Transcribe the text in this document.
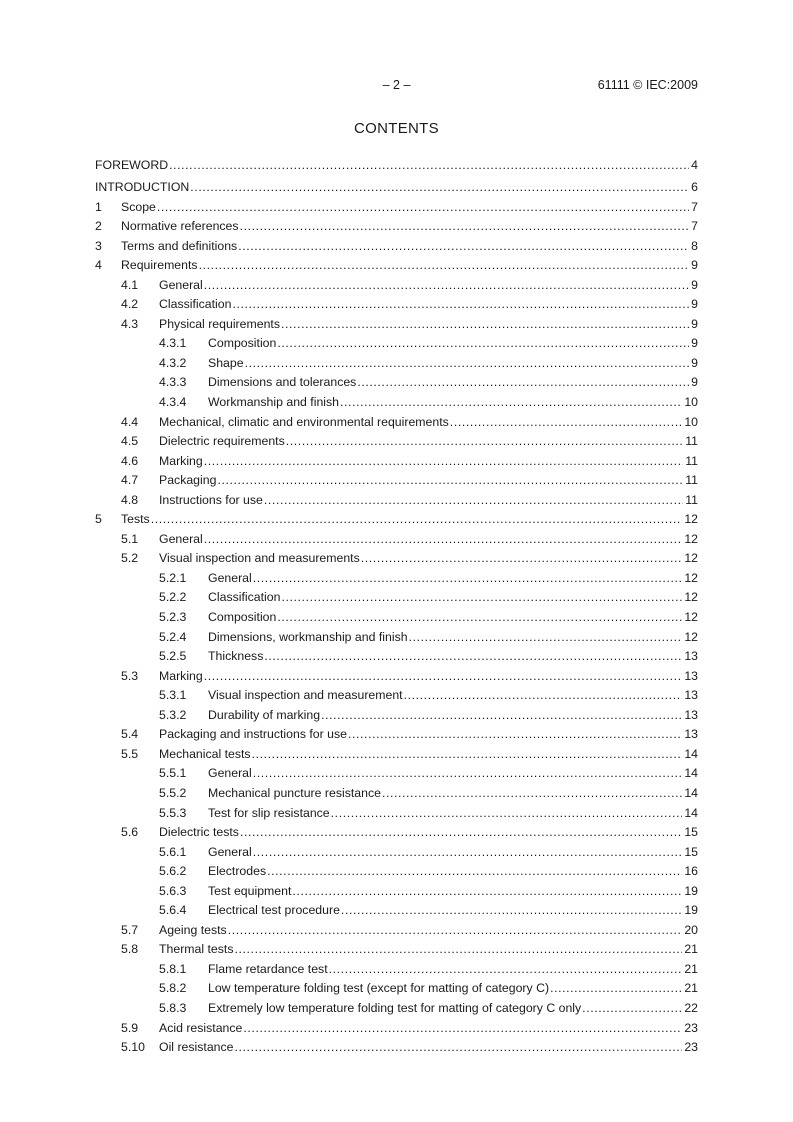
– 2 –	61111 © IEC:2009
CONTENTS
FOREWORD .....	4
INTRODUCTION .....	6
1	Scope .....	7
2	Normative references .....	7
3	Terms and definitions .....	8
4	Requirements .....	9
4.1	General .....	9
4.2	Classification .....	9
4.3	Physical requirements .....	9
4.3.1	Composition .....	9
4.3.2	Shape .....	9
4.3.3	Dimensions and tolerances .....	9
4.3.4	Workmanship and finish .....	10
4.4	Mechanical, climatic and environmental requirements .....	10
4.5	Dielectric requirements .....	11
4.6	Marking .....	11
4.7	Packaging .....	11
4.8	Instructions for use .....	11
5	Tests .....	12
5.1	General .....	12
5.2	Visual inspection and measurements .....	12
5.2.1	General .....	12
5.2.2	Classification .....	12
5.2.3	Composition .....	12
5.2.4	Dimensions, workmanship and finish .....	12
5.2.5	Thickness .....	13
5.3	Marking .....	13
5.3.1	Visual inspection and measurement .....	13
5.3.2	Durability of marking .....	13
5.4	Packaging and instructions for use .....	13
5.5	Mechanical tests .....	14
5.5.1	General .....	14
5.5.2	Mechanical puncture resistance .....	14
5.5.3	Test for slip resistance .....	14
5.6	Dielectric tests .....	15
5.6.1	General .....	15
5.6.2	Electrodes .....	16
5.6.3	Test equipment .....	19
5.6.4	Electrical test procedure .....	19
5.7	Ageing tests .....	20
5.8	Thermal tests .....	21
5.8.1	Flame retardance test .....	21
5.8.2	Low temperature folding test (except for matting of category C) .....	21
5.8.3	Extremely low temperature folding test for matting of category C only .....	22
5.9	Acid resistance .....	23
5.10	Oil resistance .....	23
